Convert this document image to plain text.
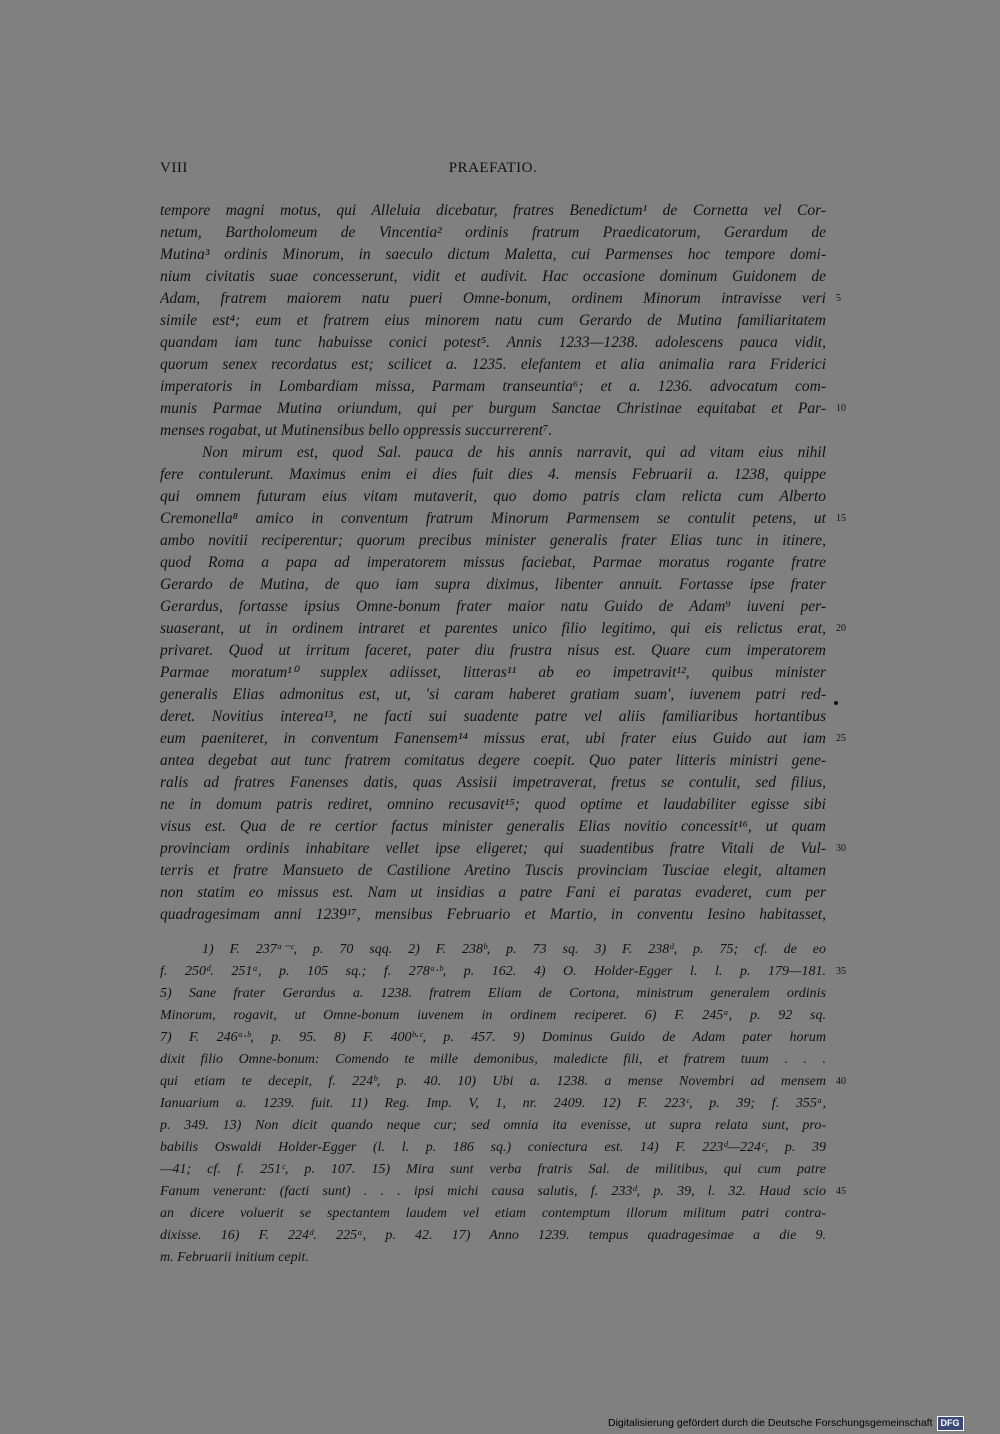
VIII	PRAEFATIO.
tempore magni motus, qui Alleluia dicebatur, fratres Benedictum¹ de Cornetta vel Cor-
netum, Bartholomeum de Vincentia² ordinis fratrum Praedicatorum, Gerardum de
Mutina³ ordinis Minorum, in saeculo dictum Maletta, cui Parmenses hoc tempore domi-
nium civitatis suae concesserunt, vidit et audivit. Hac occasione dominum Guidonem de
Adam, fratrem maiorem natu pueri Omne-bonum, ordinem Minorum intravisse veri
simile est⁴; eum et fratrem eius minorem natu cum Gerardo de Mutina familiaritatem
quandam iam tunc habuisse conici potest⁵. Annis 1233—1238. adolescens pauca vidit,
quorum senex recordatus est; scilicet a. 1235. elefantem et alia animalia rara Friderici
imperatoris in Lombardiam missa, Parmam transeuntia⁶; et a. 1236. advocatum com-
munis Parmae Mutina oriundum, qui per burgum Sanctae Christinae equitabat et Par-
menses rogabat, ut Mutinensibus bello oppressis succurrerent⁷.
Non mirum est, quod Sal. pauca de his annis narravit, qui ad vitam eius nihil
fere contulerunt. Maximus enim ei dies fuit dies 4. mensis Februarii a. 1238, quippe
qui omnem futuram eius vitam mutaverit, quo domo patris clam relicta cum Alberto
Cremonella⁸ amico in conventum fratrum Minorum Parmensem se contulit petens, ut
ambo novitii reciperentur; quorum precibus minister generalis frater Elias tunc in itinere,
quod Roma a papa ad imperatorem missus faciebat, Parmae moratus rogante fratre
Gerardo de Mutina, de quo iam supra diximus, libenter annuit. Fortasse ipse frater
Gerardus, fortasse ipsius Omne-bonum frater maior natu Guido de Adam⁹ iuveni per-
suaserant, ut in ordinem intraret et parentes unico filio legitimo, qui eis relictus erat,
privaret. Quod ut irritum faceret, pater diu frustra nisus est. Quare cum imperatorem
Parmae moratum¹⁰ supplex adiisset, litteras¹¹ ab eo impetravit¹², quibus minister
generalis Elias admonitus est, ut, 'si caram haberet gratiam suam', iuvenem patri red-
deret. Novitius interea¹³, ne facti sui suadente patre vel aliis familiaribus hortantibus
eum paeniteret, in conventum Fanensem¹⁴ missus erat, ubi frater eius Guido aut iam
antea degebat aut tunc fratrem comitatus degere coepit. Quo pater litteris ministri gene-
ralis ad fratres Fanenses datis, quas Assisii impetraverat, fretus se contulit, sed filius,
ne in domum patris rediret, omnino recusavit¹⁵; quod optime et laudabiliter egisse sibi
visus est. Qua de re certior factus minister generalis Elias novitio concessit¹⁶, ut quam
provinciam ordinis inhabitare vellet ipse eligeret; qui suadentibus fratre Vitali de Vul-
terris et fratre Mansueto de Castilione Aretino Tuscis provinciam Tusciae elegit, altamen
non statim eo missus est. Nam ut insidias a patre Fani ei paratas evaderet, cum per
quadragesimam anni 1239¹⁷, mensibus Februario et Martio, in conventu Iesino habitasset,
5
10
15
20
25
30
1) F. 237ᵃ⁻ᶜ, p. 70 sqq. 2) F. 238ᵇ, p. 73 sq. 3) F. 238ᵈ, p. 75; cf. de eo
f. 250ᵈ. 251ᵃ, p. 105 sq.; f. 278ᵃ·ᵇ, p. 162. 4) O. Holder-Egger l. l. p. 179—181.
5) Sane frater Gerardus a. 1238. fratrem Eliam de Cortona, ministrum generalem ordinis
Minorum, rogavit, ut Omne-bonum iuvenem in ordinem reciperet. 6) F. 245ᵃ, p. 92 sq.
7) F. 246ᵃ·ᵇ, p. 95. 8) F. 400ᵇ·ᶜ, p. 457. 9) Dominus Guido de Adam pater horum
dixit filio Omne-bonum: Comendo te mille demonibus, maledicte fili, et fratrem tuum . . .
qui etiam te decepit, f. 224ᵇ, p. 40. 10) Ubi a. 1238. a mense Novembri ad mensem
Ianuarium a. 1239. fuit. 11) Reg. Imp. V, 1, nr. 2409. 12) F. 223ᶜ, p. 39; f. 355ᵃ,
p. 349. 13) Non dicit quando neque cur; sed omnia ita evenisse, ut supra relata sunt, pro-
babilis Oswaldi Holder-Egger (l. l. p. 186 sq.) coniectura est. 14) F. 223ᵈ—224ᶜ, p. 39
—41; cf. f. 251ᶜ, p. 107. 15) Mira sunt verba fratris Sal. de militibus, qui cum patre
Fanum venerant: (facti sunt) . . . ipsi michi causa salutis, f. 233ᵈ, p. 39, l. 32. Haud scio
an dicere voluerit se spectantem laudem vel etiam contemptum illorum militum patri contra-
dixisse. 16) F. 224ᵈ. 225ᵃ, p. 42. 17) Anno 1239. tempus quadragesimae a die 9.
m. Februarii initium cepit.
35
40
45
Digitalisierung gefördert durch die Deutsche Forschungsgemeinschaft DFG
